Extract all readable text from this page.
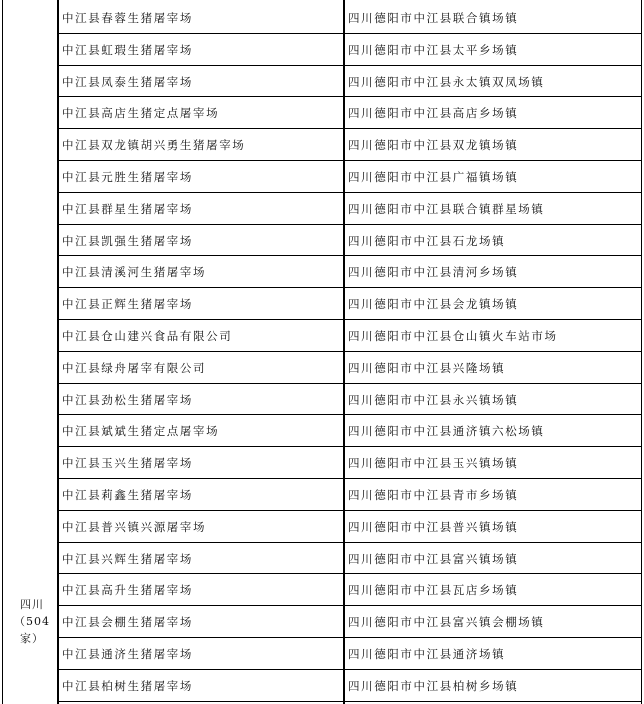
四川
（504
家）
中江县春蓉生猪屠宰场	四川德阳市中江县联合镇场镇
中江县虹瑕生猪屠宰场	四川德阳市中江县太平乡场镇
中江县凤泰生猪屠宰场	四川德阳市中江县永太镇双凤场镇
中江县高店生猪定点屠宰场	四川德阳市中江县高店乡场镇
中江县双龙镇胡兴勇生猪屠宰场	四川德阳市中江县双龙镇场镇
中江县元胜生猪屠宰场	四川德阳市中江县广福镇场镇
中江县群星生猪屠宰场	四川德阳市中江县联合镇群星场镇
中江县凯强生猪屠宰场	四川德阳市中江县石龙场镇
中江县清溪河生猪屠宰场	四川德阳市中江县清河乡场镇
中江县正辉生猪屠宰场	四川德阳市中江县会龙镇场镇
中江县仓山建兴食品有限公司	四川德阳市中江县仓山镇火车站市场
中江县绿舟屠宰有限公司	四川德阳市中江县兴隆场镇
中江县劲松生猪屠宰场	四川德阳市中江县永兴镇场镇
中江县斌斌生猪定点屠宰场	四川德阳市中江县通济镇六松场镇
中江县玉兴生猪屠宰场	四川德阳市中江县玉兴镇场镇
中江县莉鑫生猪屠宰场	四川德阳市中江县青市乡场镇
中江县普兴镇兴源屠宰场	四川德阳市中江县普兴镇场镇
中江县兴辉生猪屠宰场	四川德阳市中江县富兴镇场镇
中江县高升生猪屠宰场	四川德阳市中江县瓦店乡场镇
中江县会棚生猪屠宰场	四川德阳市中江县富兴镇会棚场镇
中江县通济生猪屠宰场	四川德阳市中江县通济场镇
中江县柏树生猪屠宰场	四川德阳市中江县柏树乡场镇
